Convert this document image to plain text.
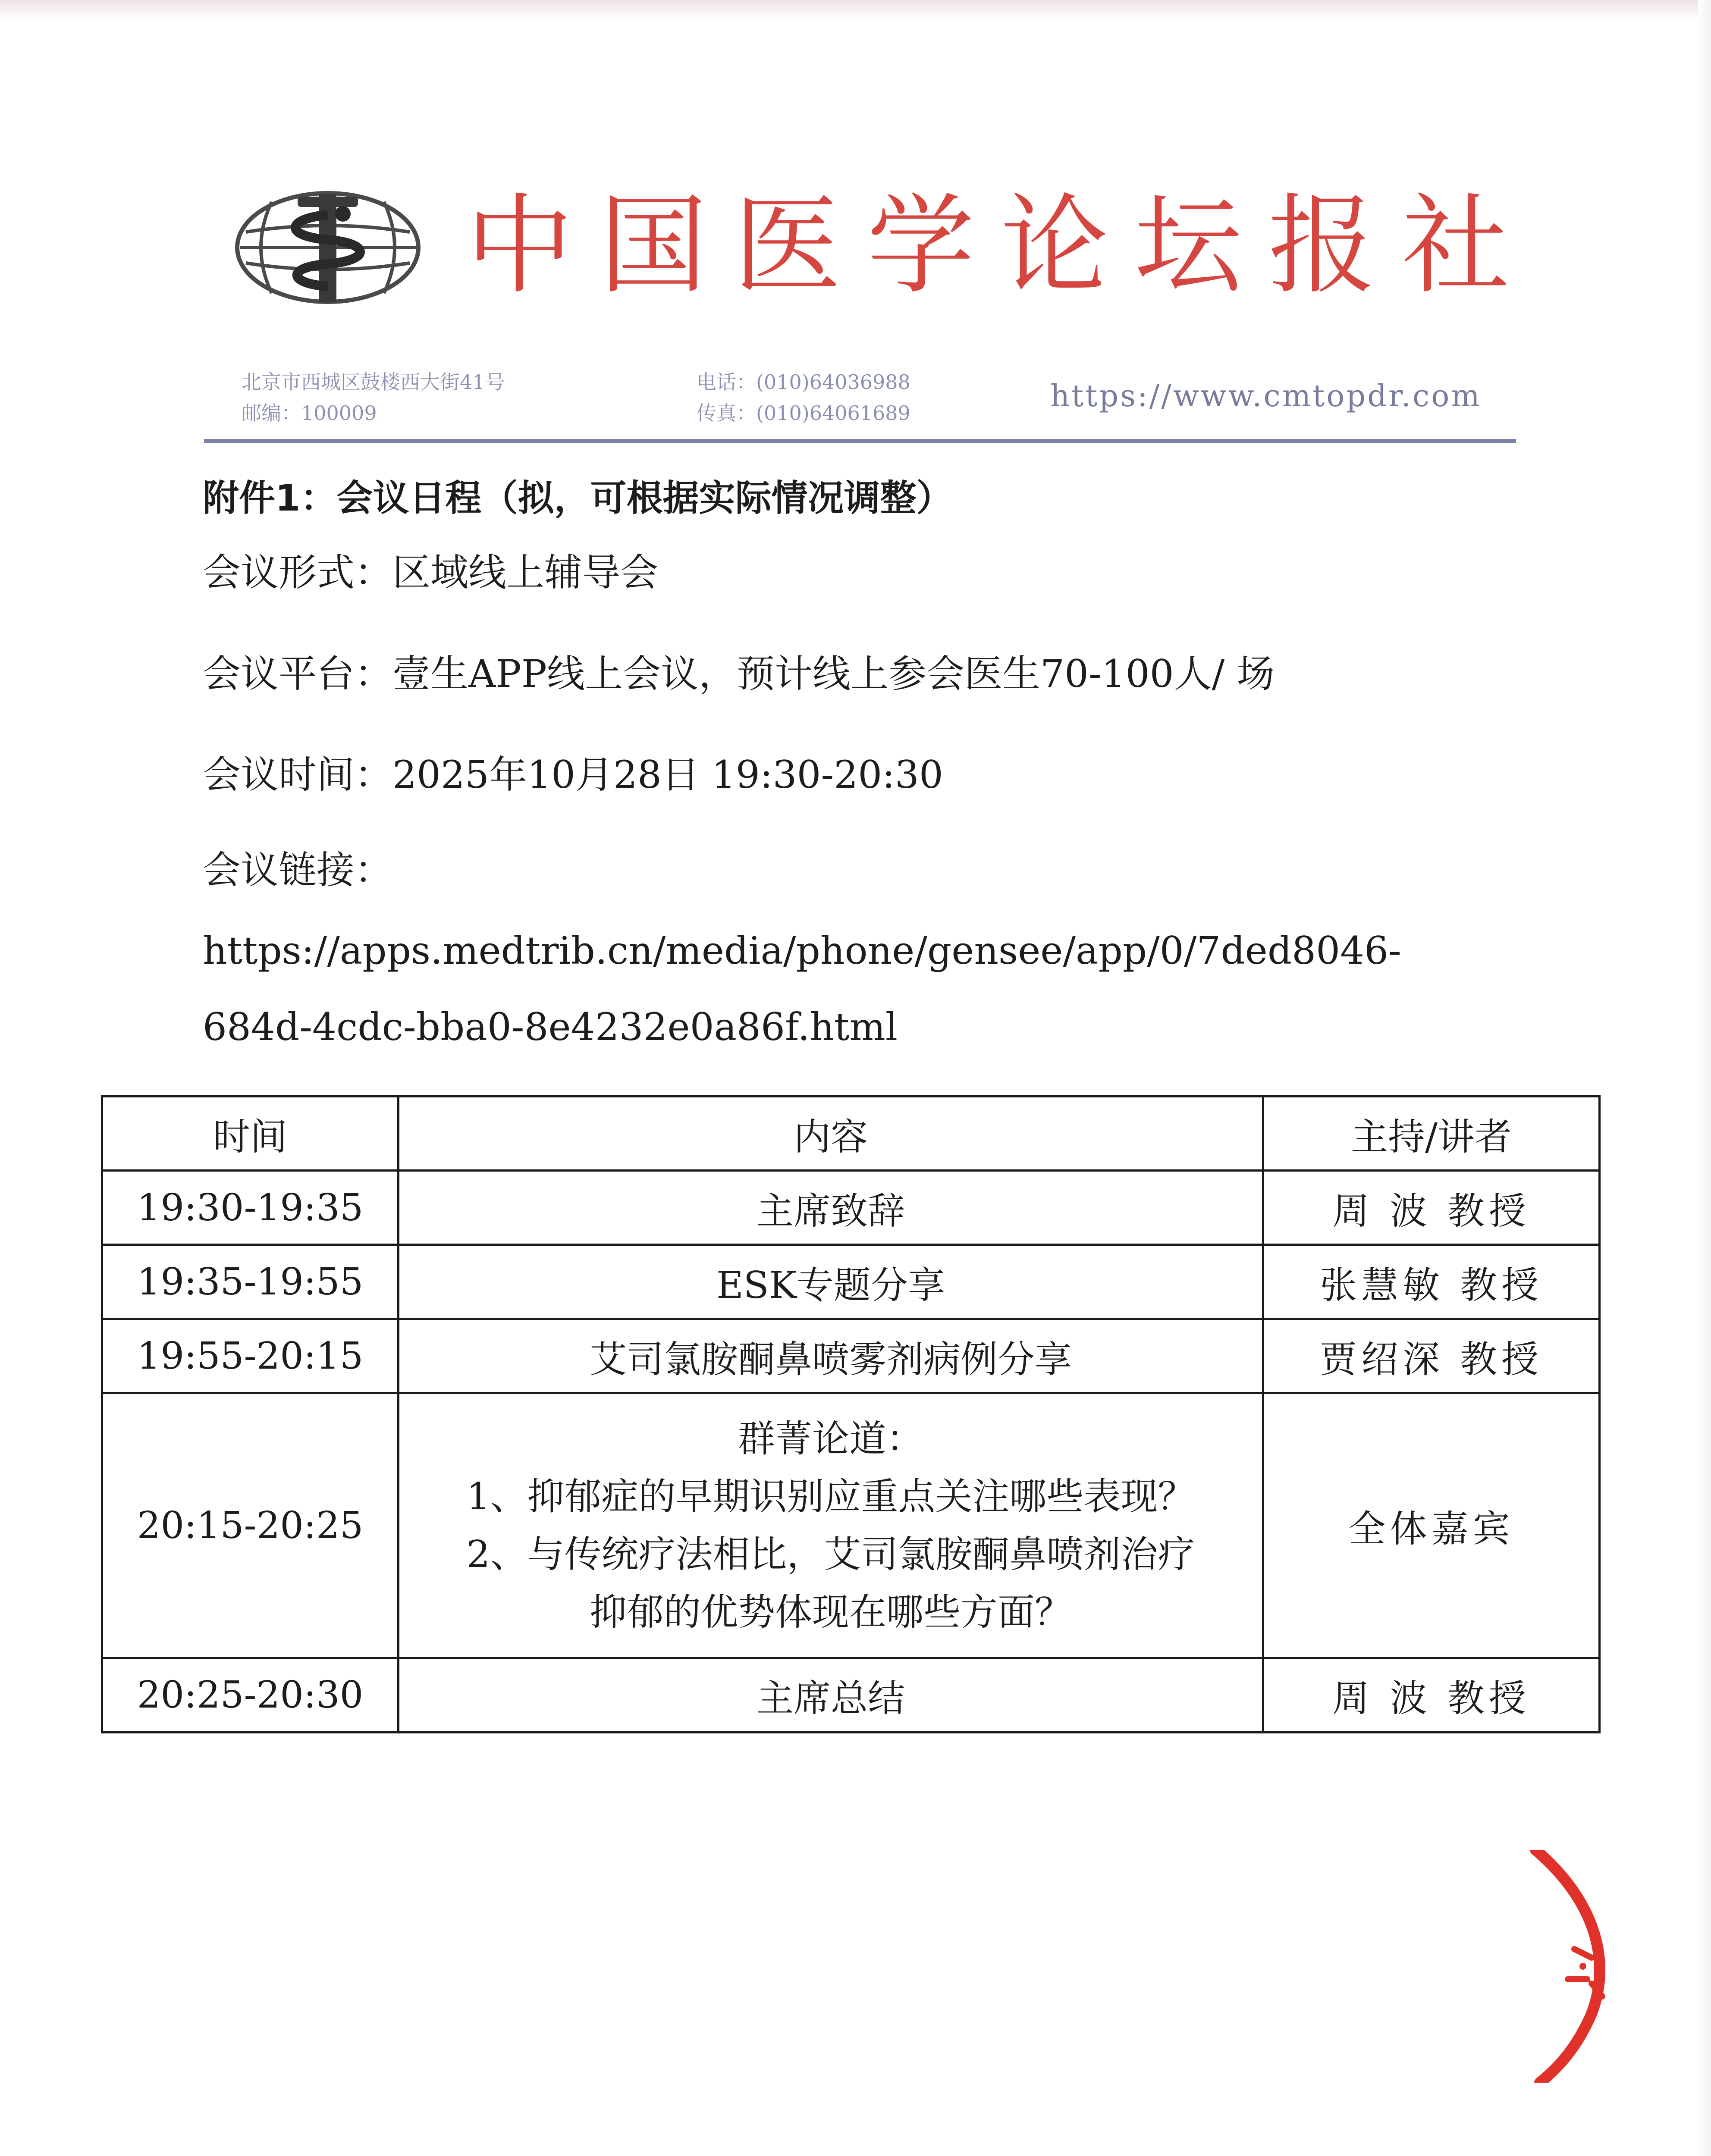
中国医学论坛报社
北京市西城区鼓楼西大街41号
邮编：100009
电话：(010)64036988
传真：(010)64061689	https://www.cmtopdr.com
附件1：会议日程（拟，可根据实际情况调整）
会议形式：区域线上辅导会
会议平台：壹生APP线上会议，预计线上参会医生70-100人/ 场
会议时间：2025年10月28日 19:30-20:30
会议链接：
https://apps.medtrib.cn/media/phone/gensee/app/0/7ded8046-
684d-4cdc-bba0-8e4232e0a86f.html
时间	内容	主持/讲者
19:30-19:35	主席致辞	周 波 教授
19:35-19:55	ESK专题分享	张慧敏 教授
19:55-20:15	艾司氯胺酮鼻喷雾剂病例分享	贾绍深 教授
20:15-20:25	群菁论道：
1、抑郁症的早期识别应重点关注哪些表现？
2、与传统疗法相比，艾司氯胺酮鼻喷剂治疗
抑郁的优势体现在哪些方面？	全体嘉宾
20:25-20:30	主席总结	周 波 教授
